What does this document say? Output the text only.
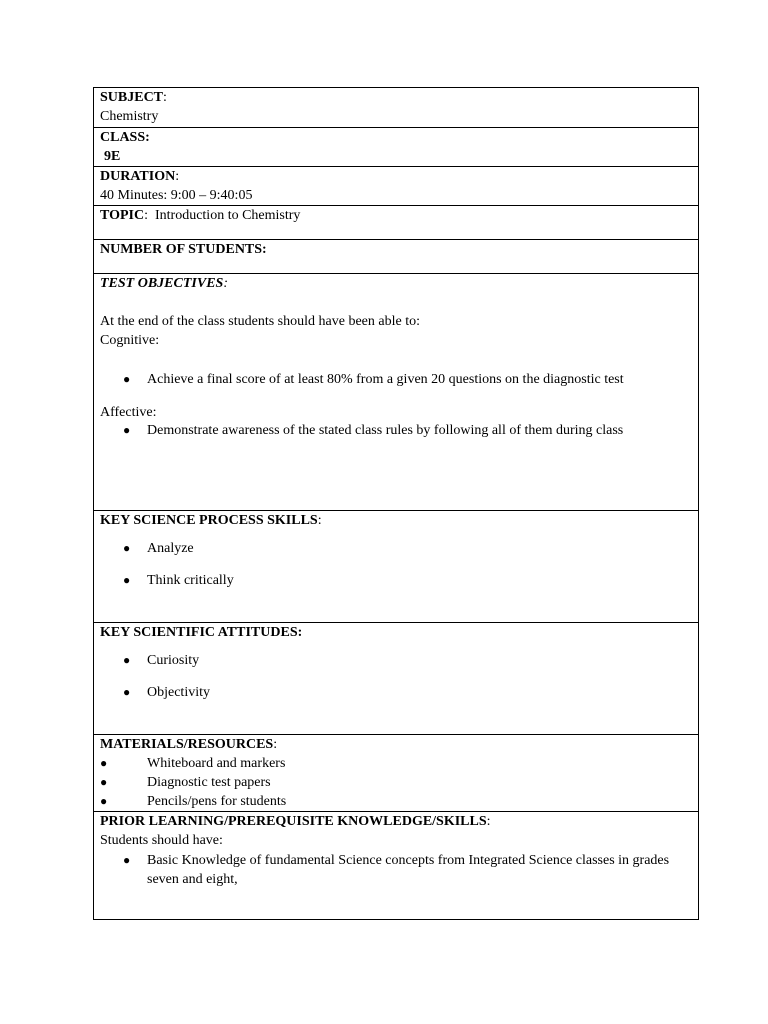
SUBJECT:
Chemistry
CLASS:
9E
DURATION:
40 Minutes: 9:00 – 9:40:05
TOPIC:  Introduction to Chemistry
NUMBER OF STUDENTS:
TEST OBJECTIVES:
At the end of the class students should have been able to:
Cognitive:
● Achieve a final score of at least 80% from a given 20 questions on the diagnostic test
Affective:
● Demonstrate awareness of the stated class rules by following all of them during class
KEY SCIENCE PROCESS SKILLS:
● Analyze
● Think critically
KEY SCIENTIFIC ATTITUDES:
● Curiosity
● Objectivity
MATERIALS/RESOURCES:
●	Whiteboard and markers
●	Diagnostic test papers
●	Pencils/pens for students
PRIOR LEARNING/PREREQUISITE KNOWLEDGE/SKILLS:
Students should have:
● Basic Knowledge of fundamental Science concepts from Integrated Science classes in grades seven and eight,
